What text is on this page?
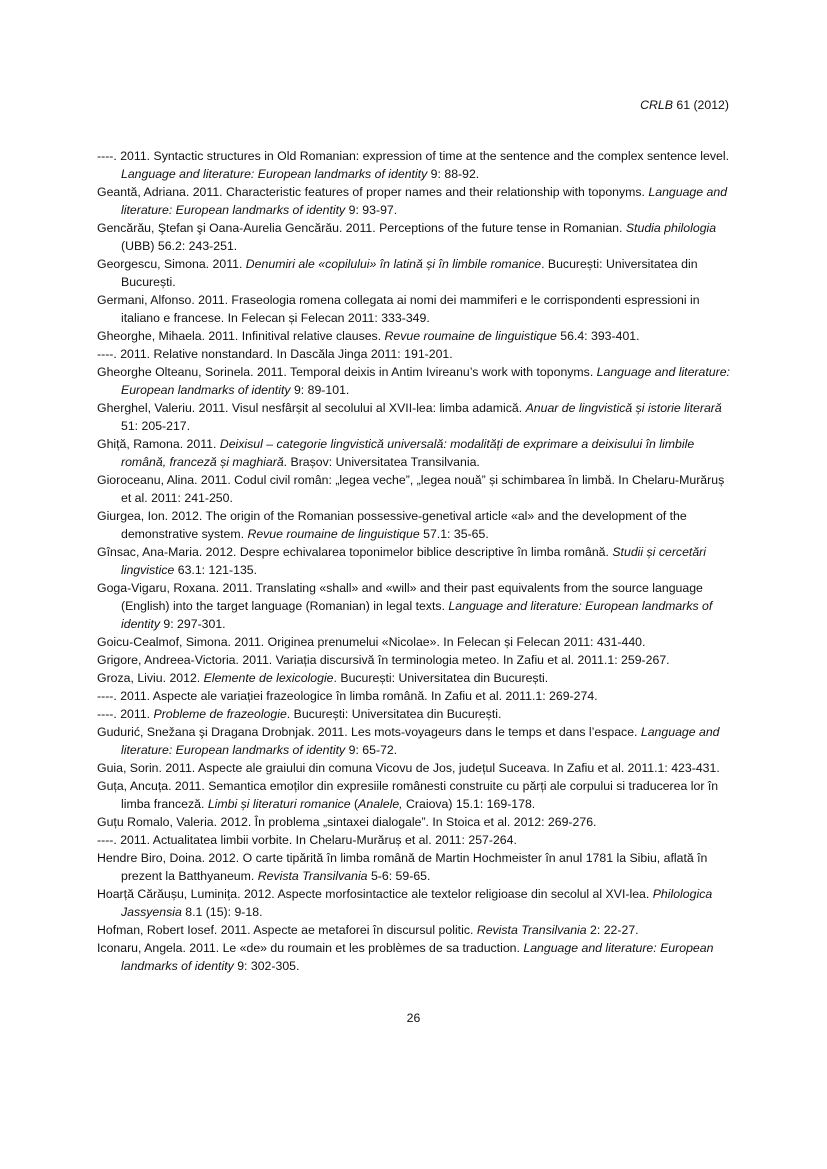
CRLB 61 (2012)

----. 2011. Syntactic structures in Old Romanian: expression of time at the sentence and the complex sentence level. Language and literature: European landmarks of identity 9: 88-92.

Geantă, Adriana. 2011. Characteristic features of proper names and their relationship with toponyms. Language and literature: European landmarks of identity 9: 93-97.

Gencărău, Ştefan şi Oana-Aurelia Gencărău. 2011. Perceptions of the future tense in Romanian. Studia philologia (UBB) 56.2: 243-251.

Georgescu, Simona. 2011. Denumiri ale «copilului» în latină și în limbile romanice. București: Universitatea din București.

Germani, Alfonso. 2011. Fraseologia romena collegata ai nomi dei mammiferi e le corrispondenti espressioni in italiano e francese. In Felecan și Felecan 2011: 333-349.

Gheorghe, Mihaela. 2011. Infinitival relative clauses. Revue roumaine de linguistique 56.4: 393-401.

----. 2011. Relative nonstandard. In Dascăla Jinga 2011: 191-201.

Gheorghe Olteanu, Sorinela. 2011. Temporal deixis in Antim Ivireanu’s work with toponyms. Language and literature: European landmarks of identity 9: 89-101.

Gherghel, Valeriu. 2011. Visul nesfârșit al secolului al XVII-lea: limba adamică. Anuar de lingvistică și istorie literară 51: 205-217.

Ghiță, Ramona. 2011. Deixisul – categorie lingvistică universală: modalități de exprimare a deixisului în limbile română, franceză și maghiară. Brașov: Universitatea Transilvania.

Gioroceanu, Alina. 2011. Codul civil român: „legea veche”, „legea nouă” și schimbarea în limbă. In Chelaru-Murăruș et al. 2011: 241-250.

Giurgea, Ion. 2012. The origin of the Romanian possessive-genetival article «al» and the development of the demonstrative system. Revue roumaine de linguistique 57.1: 35-65.

Gînsac, Ana-Maria. 2012. Despre echivalarea toponimelor biblice descriptive în limba română. Studii și cercetări lingvistice 63.1: 121-135.

Goga-Vigaru, Roxana. 2011. Translating «shall» and «will» and their past equivalents from the source language (English) into the target language (Romanian) in legal texts. Language and literature: European landmarks of identity 9: 297-301.

Goicu-Cealmof, Simona. 2011. Originea prenumelui «Nicolae». In Felecan și Felecan 2011: 431-440.

Grigore, Andreea-Victoria. 2011. Variația discursivă în terminologia meteo. In Zafiu et al. 2011.1: 259-267.

Groza, Liviu. 2012. Elemente de lexicologie. București: Universitatea din București.

----. 2011. Aspecte ale variației frazeologice în limba română. In Zafiu et al. 2011.1: 269-274.

----. 2011. Probleme de frazeologie. București: Universitatea din București.

Gudurić, Snežana şi Dragana Drobnjak. 2011. Les mots-voyageurs dans le temps et dans l’espace. Language and literature: European landmarks of identity 9: 65-72.

Guia, Sorin. 2011. Aspecte ale graiului din comuna Vicovu de Jos, județul Suceava. In Zafiu et al. 2011.1: 423-431.

Guța, Ancuța. 2011. Semantica emoților din expresiile românesti construite cu părți ale corpului si traducerea lor în limba franceză. Limbi și literaturi romanice (Analele, Craiova) 15.1: 169-178.

Guțu Romalo, Valeria. 2012. În problema „sintaxei dialogale”. In Stoica et al. 2012: 269-276.

----. 2011. Actualitatea limbii vorbite. In Chelaru-Murăruș et al. 2011: 257-264.

Hendre Biro, Doina. 2012. O carte tipărită în limba română de Martin Hochmeister în anul 1781 la Sibiu, aflată în prezent la Batthyaneum. Revista Transilvania 5-6: 59-65.

Hoarță Cărăușu, Luminița. 2012. Aspecte morfosintactice ale textelor religioase din secolul al XVI-lea. Philologica Jassyensia 8.1 (15): 9-18.

Hofman, Robert Iosef. 2011. Aspecte ae metaforei în discursul politic. Revista Transilvania 2: 22-27.

Iconaru, Angela. 2011. Le «de» du roumain et les problèmes de sa traduction. Language and literature: European landmarks of identity 9: 302-305.

26
